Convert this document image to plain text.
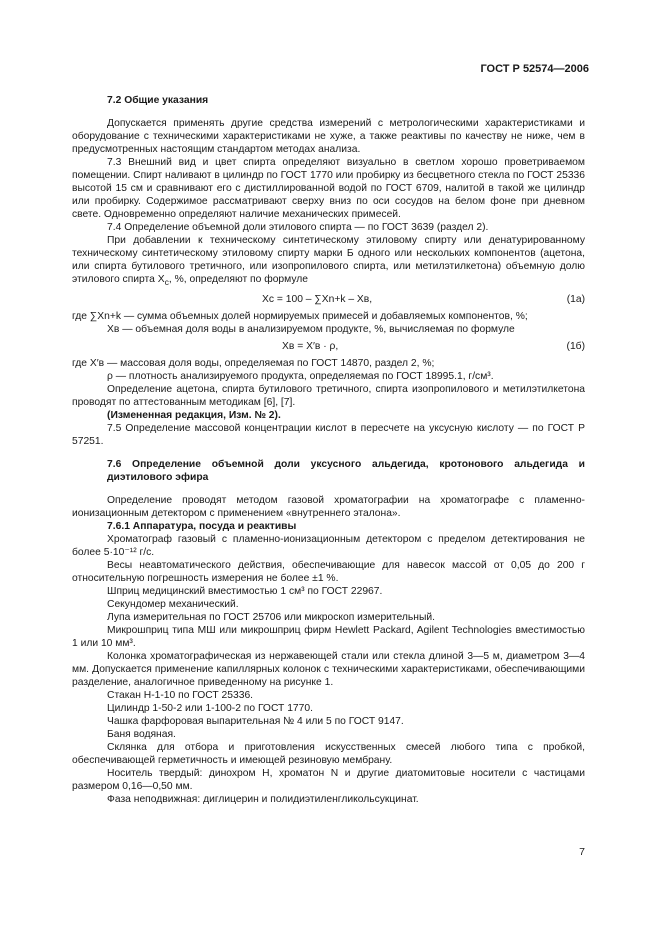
ГОСТ Р 52574—2006

7.2 Общие указания

Допускается применять другие средства измерений с метрологическими характеристиками и оборудование с техническими характеристиками не хуже, а также реактивы по качеству не ниже, чем в предусмотренных настоящим стандартом методах анализа.

7.3 Внешний вид и цвет спирта определяют визуально в светлом хорошо проветриваемом помещении. Спирт наливают в цилиндр по ГОСТ 1770 или пробирку из бесцветного стекла по ГОСТ 25336 высотой 15 см и сравнивают его с дистиллированной водой по ГОСТ 6709, налитой в такой же цилиндр или пробирку. Содержимое рассматривают сверху вниз по оси сосудов на белом фоне при дневном свете. Одновременно определяют наличие механических примесей.

7.4 Определение объемной доли этилового спирта — по ГОСТ 3639 (раздел 2).

При добавлении к техническому синтетическому этиловому спирту или денатурированному техническому синтетическому этиловому спирту марки Б одного или нескольких компонентов (ацетона, или спирта бутилового третичного, или изопропилового спирта, или метилэтилкетона) объемную долю этилового спирта $X_с$, %, определяют по формуле

Xс = 100 – ∑Xn+k – Xв,	(1а)

где ∑Xn+k — сумма объемных долей нормируемых примесей и добавляемых компонентов, %;

Xв — объемная доля воды в анализируемом продукте, %, вычисляемая по формуле

Xв = X′в · ρ,	(1б)

где X′в — массовая доля воды, определяемая по ГОСТ 14870, раздел 2, %;

ρ — плотность анализируемого продукта, определяемая по ГОСТ 18995.1, г/см³.

Определение ацетона, спирта бутилового третичного, спирта изопропилового и метилэтилкетона проводят по аттестованным методикам [6], [7].

(Измененная редакция, Изм. № 2).

7.5 Определение массовой концентрации кислот в пересчете на уксусную кислоту — по ГОСТ Р 57251.

7.6 Определение объемной доли уксусного альдегида, кротонового альдегида и диэтилового эфира

Определение проводят методом газовой хроматографии на хроматографе с пламенно-ионизационным детектором с применением «внутреннего эталона».

7.6.1 Аппаратура, посуда и реактивы

Хроматограф газовый с пламенно-ионизационным детектором с пределом детектирования не более 5·10⁻¹² г/с.

Весы неавтоматического действия, обеспечивающие для навесок массой от 0,05 до 200 г относительную погрешность измерения не более ±1 %.

Шприц медицинский вместимостью 1 см³ по ГОСТ 22967.

Секундомер механический.

Лупа измерительная по ГОСТ 25706 или микроскоп измерительный.

Микрошприц типа МШ или микрошприц фирм Hewlett Packard, Agilent Technologies вместимостью 1 или 10 мм³.

Колонка хроматографическая из нержавеющей стали или стекла длиной 3—5 м, диаметром 3—4 мм. Допускается применение капиллярных колонок с техническими характеристиками, обеспечивающими разделение, аналогичное приведенному на рисунке 1.

Стакан Н-1-10 по ГОСТ 25336.

Цилиндр 1-50-2 или 1-100-2 по ГОСТ 1770.

Чашка фарфоровая выпарительная № 4 или 5 по ГОСТ 9147.

Баня водяная.

Склянка для отбора и приготовления искусственных смесей любого типа с пробкой, обеспечивающей герметичность и имеющей резиновую мембрану.

Носитель твердый: динохром Н, хроматон N и другие диатомитовые носители с частицами размером 0,16—0,50 мм.

Фаза неподвижная: диглицерин и полидиэтиленгликольсукцинат.

7
